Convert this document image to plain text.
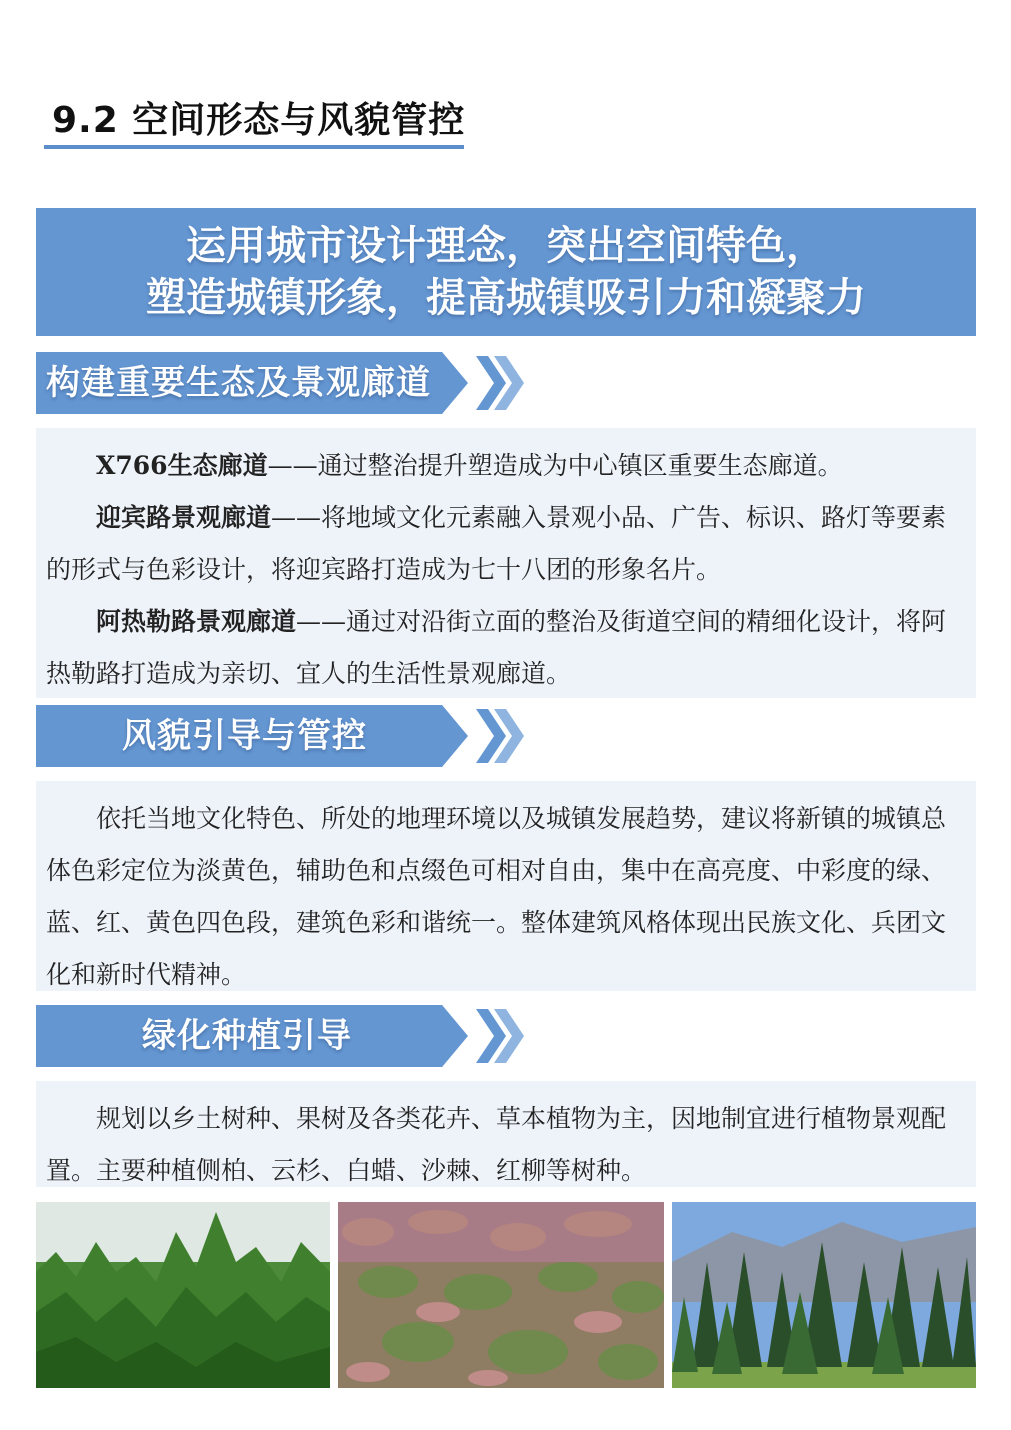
9.2 空间形态与风貌管控
运用城市设计理念，突出空间特色，
塑造城镇形象，提高城镇吸引力和凝聚力
构建重要生态及景观廊道

X766生态廊道——通过整治提升塑造成为中心镇区重要生态廊道。

迎宾路景观廊道——将地域文化元素融入景观小品、广告、标识、路灯等要素的形式与色彩设计，将迎宾路打造成为七十八团的形象名片。

阿热勒路景观廊道——通过对沿街立面的整治及街道空间的精细化设计，将阿热勒路打造成为亲切、宜人的生活性景观廊道。

风貌引导与管控

依托当地文化特色、所处的地理环境以及城镇发展趋势，建议将新镇的城镇总体色彩定位为淡黄色，辅助色和点缀色可相对自由，集中在高亮度、中彩度的绿、蓝、红、黄色四色段，建筑色彩和谐统一。整体建筑风格体现出民族文化、兵团文化和新时代精神。

绿化种植引导

规划以乡土树种、果树及各类花卉、草本植物为主，因地制宜进行植物景观配置。主要种植侧柏、云杉、白蜡、沙棘、红柳等树种。
